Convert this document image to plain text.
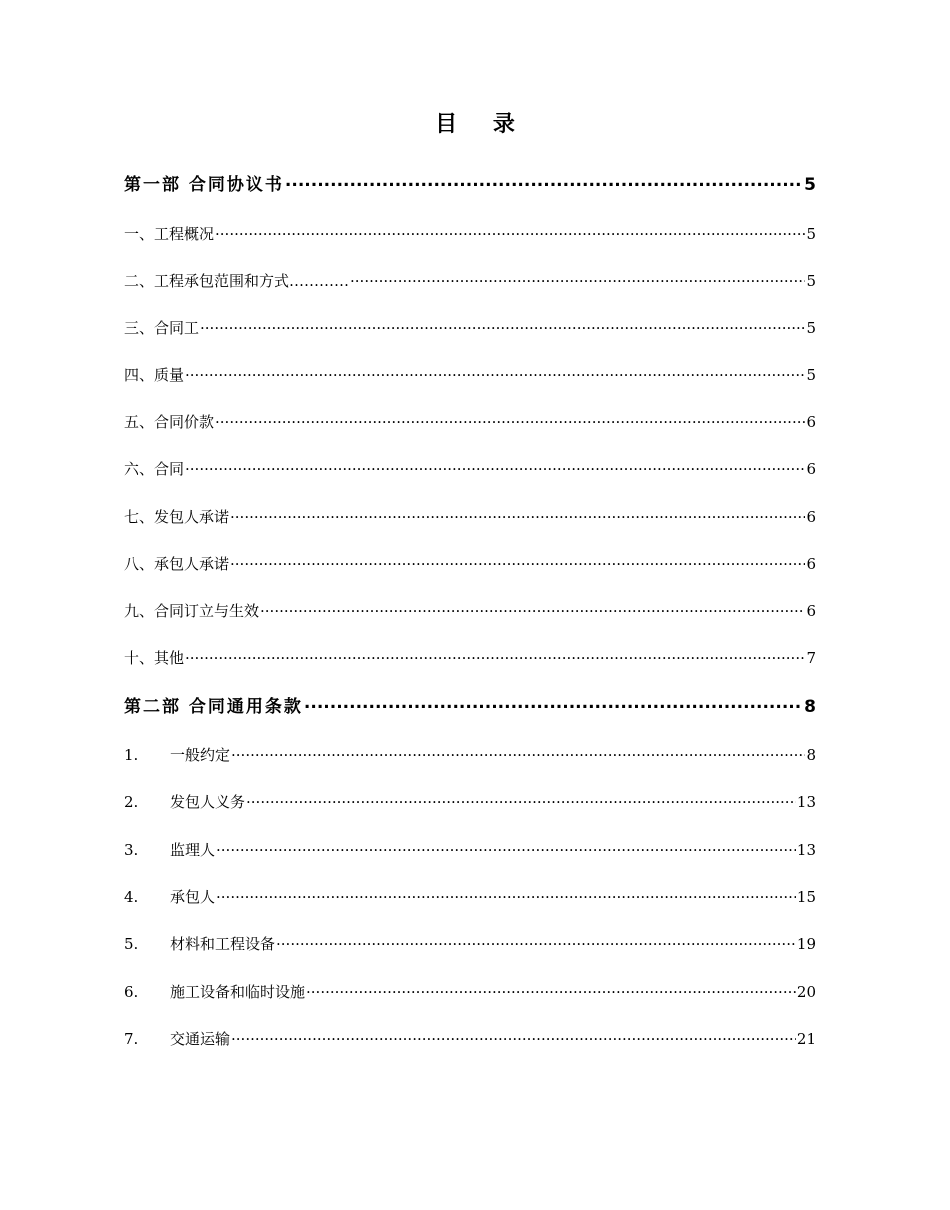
目 录
第一部 合同协议书 .....	5
一、工程概况 .....	5
二、工程承包范围和方式………… .....	5
三、合同工 .....	5
四、质量 .....	5
五、合同价款 .....	6
六、合同 .....	6
七、发包人承诺 .....	6
八、承包人承诺 .....	6
九、合同订立与生效 .....	6
十、其他 .....	7
第二部 合同通用条款 .....	8
1.	一般约定 .....	8
2.	发包人义务 .....	13
3.	监理人 .....	13
4.	承包人 .....	15
5.	材料和工程设备 .....	19
6.	施工设备和临时设施 .....	20
7.	交通运输 .....	21
